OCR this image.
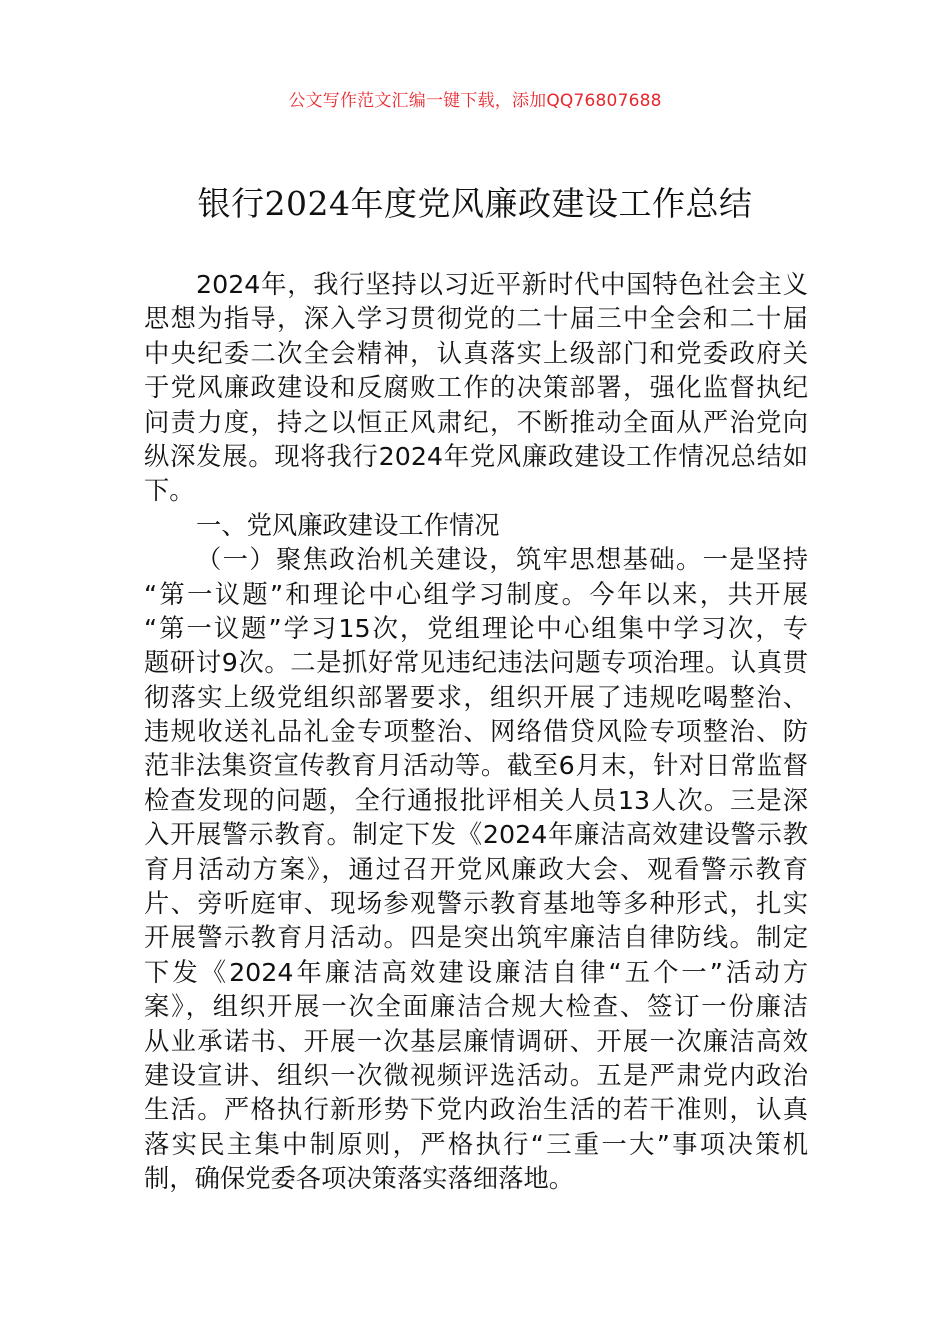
公文写作范文汇编一键下载，添加QQ76807688
银行2024年度党风廉政建设工作总结
2024年，我行坚持以习近平新时代中国特色社会主义
思想为指导，深入学习贯彻党的二十届三中全会和二十届
中央纪委二次全会精神，认真落实上级部门和党委政府关
于党风廉政建设和反腐败工作的决策部署，强化监督执纪
问责力度，持之以恒正风肃纪，不断推动全面从严治党向
纵深发展。现将我行2024年党风廉政建设工作情况总结如
下。
一、党风廉政建设工作情况
（一）聚焦政治机关建设，筑牢思想基础。一是坚持
“第一议题”和理论中心组学习制度。今年以来，共开展
“第一议题”学习15次，党组理论中心组集中学习次，专
题研讨9次。二是抓好常见违纪违法问题专项治理。认真贯
彻落实上级党组织部署要求，组织开展了违规吃喝整治、
违规收送礼品礼金专项整治、网络借贷风险专项整治、防
范非法集资宣传教育月活动等。截至6月末，针对日常监督
检查发现的问题，全行通报批评相关人员13人次。三是深
入开展警示教育。制定下发《2024年廉洁高效建设警示教
育月活动方案》，通过召开党风廉政大会、观看警示教育
片、旁听庭审、现场参观警示教育基地等多种形式，扎实
开展警示教育月活动。四是突出筑牢廉洁自律防线。制定
下发《2024年廉洁高效建设廉洁自律“五个一”活动方
案》，组织开展一次全面廉洁合规大检查、签订一份廉洁
从业承诺书、开展一次基层廉情调研、开展一次廉洁高效
建设宣讲、组织一次微视频评选活动。五是严肃党内政治
生活。严格执行新形势下党内政治生活的若干准则，认真
落实民主集中制原则，严格执行“三重一大”事项决策机
制，确保党委各项决策落实落细落地。
